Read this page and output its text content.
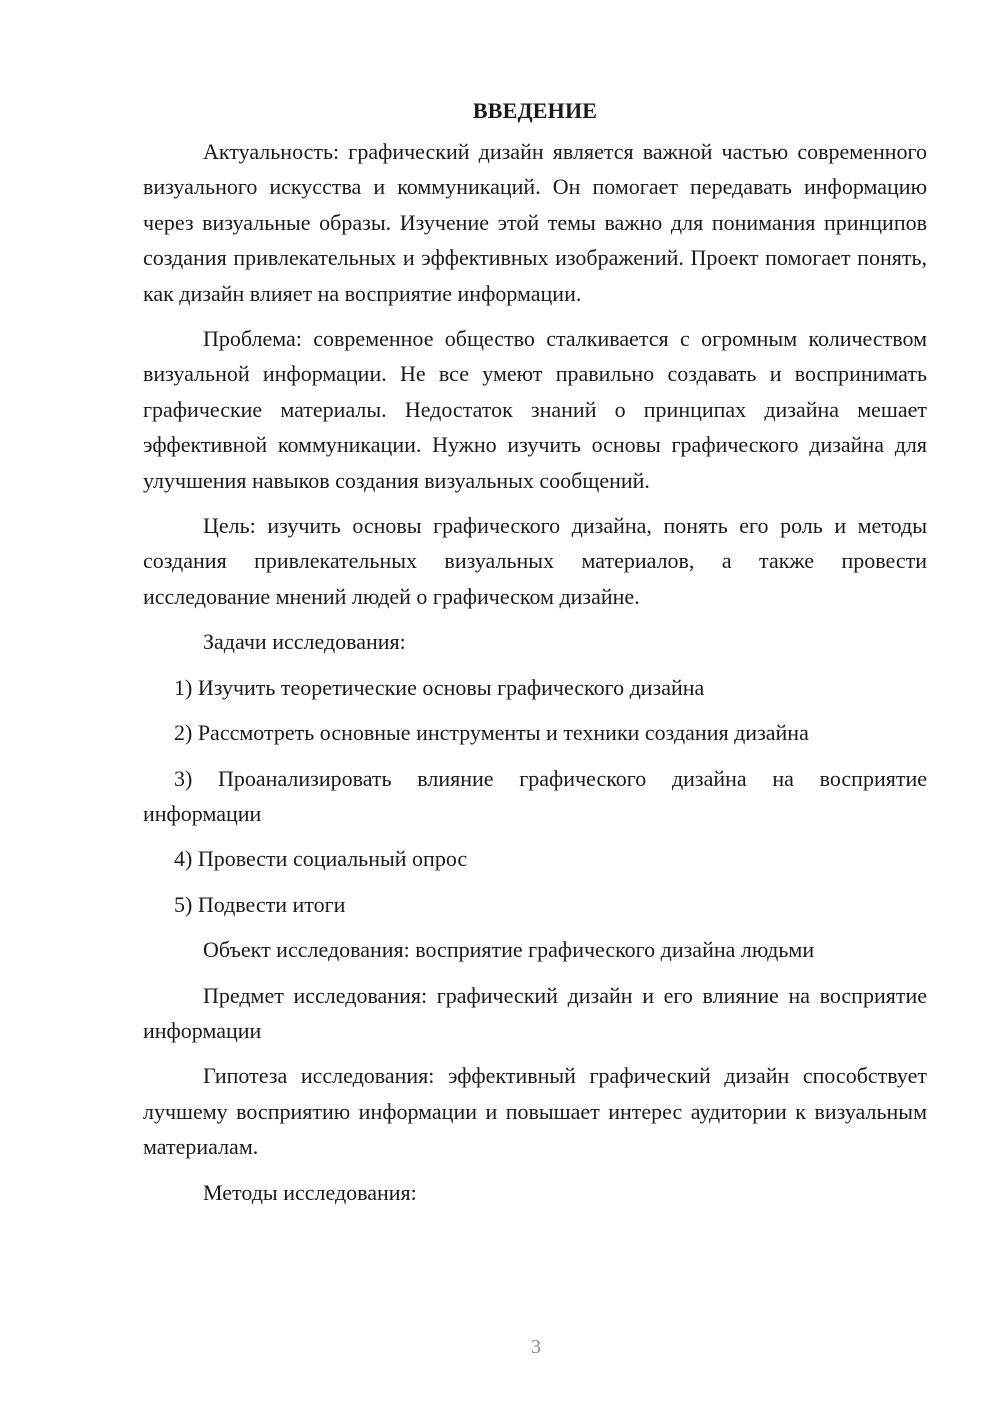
ВВЕДЕНИЕ

Актуальность: графический дизайн является важной частью современного визуального искусства и коммуникаций. Он помогает передавать информацию через визуальные образы. Изучение этой темы важно для понимания принципов создания привлекательных и эффективных изображений. Проект помогает понять, как дизайн влияет на восприятие информации.

Проблема: современное общество сталкивается с огромным количеством визуальной информации. Не все умеют правильно создавать и воспринимать графические материалы. Недостаток знаний о принципах дизайна мешает эффективной коммуникации. Нужно изучить основы графического дизайна для улучшения навыков создания визуальных сообщений.

Цель: изучить основы графического дизайна, понять его роль и методы создания привлекательных визуальных материалов, а также провести исследование мнений людей о графическом дизайне.

Задачи исследования:

1) Изучить теоретические основы графического дизайна

2) Рассмотреть основные инструменты и техники создания дизайна

3) Проанализировать влияние графического дизайна на восприятие информации

4) Провести социальный опрос

5) Подвести итоги

Объект исследования: восприятие графического дизайна людьми

Предмет исследования: графический дизайн и его влияние на восприятие информации

Гипотеза исследования: эффективный графический дизайн способствует лучшему восприятию информации и повышает интерес аудитории к визуальным материалам.

Методы исследования:

3
